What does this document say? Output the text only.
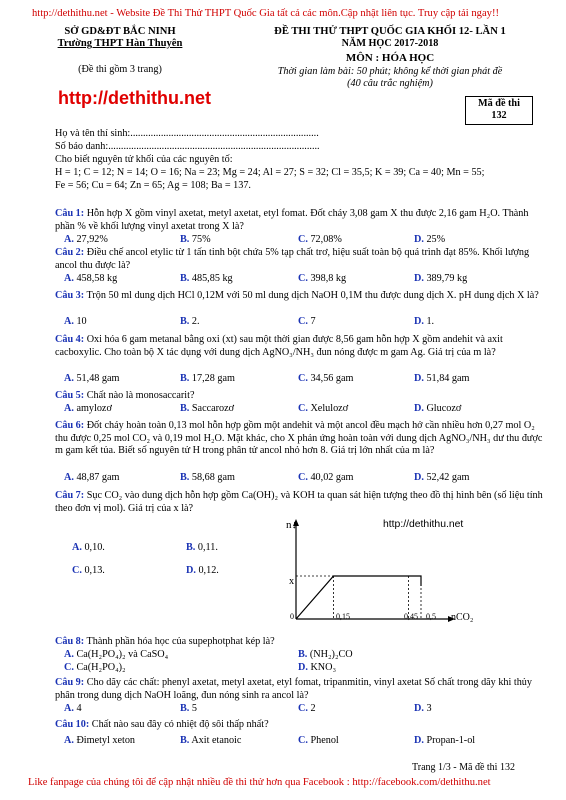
http://dethithu.net - Website Đề Thi Thử THPT Quốc Gia tất cả các môn.Cập nhật liên tục. Truy cập tải ngay!!
SỞ GD&ĐT BẮC NINH
Trường THPT Hàn Thuyên
(Đề thi gồm 3 trang)
ĐỀ THI THỬ THPT QUỐC GIA KHỐI 12- LẦN 1
NĂM HỌC 2017-2018
MÔN : HÓA HỌC
Thời gian làm bài: 50 phút; không kể thời gian phát đề
(40 câu trắc nghiệm)
http://dethithu.net	Mã đề thi
132
Họ và tên thí sinh:..........................................................................
Số báo danh:...................................................................................
Cho biết nguyên tử khối của các nguyên tố:
H = 1; C = 12; N = 14; O = 16; Na = 23; Mg = 24; Al = 27; S = 32; Cl = 35,5; K = 39; Ca = 40; Mn = 55;
Fe = 56; Cu = 64; Zn = 65; Ag = 108; Ba = 137.
Câu 1: Hỗn hợp X gồm vinyl axetat, metyl axetat, etyl fomat. Đốt cháy 3,08 gam X thu được 2,16 gam H₂O. Thành phần % về khối lượng vinyl axetat trong X là?
A. 27,92%	B. 75%	C. 72,08%	D. 25%
Câu 2: Điều chế ancol etylic từ 1 tấn tinh bột chứa 5% tạp chất trơ, hiệu suất toàn bộ quá trình đạt 85%. Khối lượng ancol thu được là?
A. 458,58 kg	B. 485,85 kg	C. 398,8 kg	D. 389,79 kg
Câu 3: Trộn 50 ml dung dịch HCl 0,12M với 50 ml dung dịch NaOH 0,1M thu được dung dịch X. pH dung dịch X là?
A. 10	B. 2.	C. 7	D. 1.
Câu 4: Oxi hóa 6 gam metanal bằng oxi (xt) sau một thời gian được 8,56 gam hỗn hợp X gồm andehit và axit cacboxylic. Cho toàn bộ X tác dụng với dung dịch AgNO₃/NH₃ đun nóng được m gam Ag. Giá trị của m là?
A. 51,48 gam	B. 17,28 gam	C. 34,56 gam	D. 51,84 gam
Câu 5: Chất nào là monosaccarit?
A. amylozơ	B. Saccarozơ	C. Xelulozơ	D. Glucozơ
Câu 6: Đốt cháy hoàn toàn 0,13 mol hỗn hợp gồm một andehit và một ancol đều mạch hở cần nhiều hơn 0,27 mol O₂ thu được 0,25 mol CO₂ và 0,19 mol H₂O. Mặt khác, cho X phản ứng hoàn toàn với dung dịch AgNO₃/NH₃ dư thu được m gam kết tủa. Biết số nguyên tử H trong phân tử ancol nhỏ hơn 8. Giá trị lớn nhất của m là?
A. 48,87 gam	B. 58,68 gam	C. 40,02 gam	D. 52,42 gam
Câu 7: Sục CO₂ vào dung dịch hỗn hợp gồm Ca(OH)₂ và KOH ta quan sát hiện tượng theo đồ thị hình bên (số liệu tính theo đơn vị mol). Giá trị của x là?
A. 0,10.	B. 0,11.
C. 0,13.	D. 0,12.
http://dethithu.net
n↓
x
0	0,15	0,45 0,5 nCO₂
Câu 8: Thành phần hóa học của supephotphat kép là?
A. Ca(H₂PO₄)₂ và CaSO₄	B. (NH₂)₂CO
C. Ca(H₂PO₄)₂	D. KNO₃
Câu 9: Cho dãy các chất: phenyl axetat, metyl axetat, etyl fomat, tripanmitin, vinyl axetat Số chất trong dãy khi thủy phân trong dung dịch NaOH loãng, đun nóng sinh ra ancol là?
A. 4	B. 5	C. 2	D. 3
Câu 10: Chất nào sau đây có nhiệt độ sôi thấp nhất?
A. Đimetyl xeton	B. Axit etanoic	C. Phenol	D. Propan-1-ol
Trang 1/3 - Mã đề thi 132
Like fanpage của chúng tôi để cập nhật nhiều đề thi thử hơn qua Facebook : http://facebook.com/dethithu.net
